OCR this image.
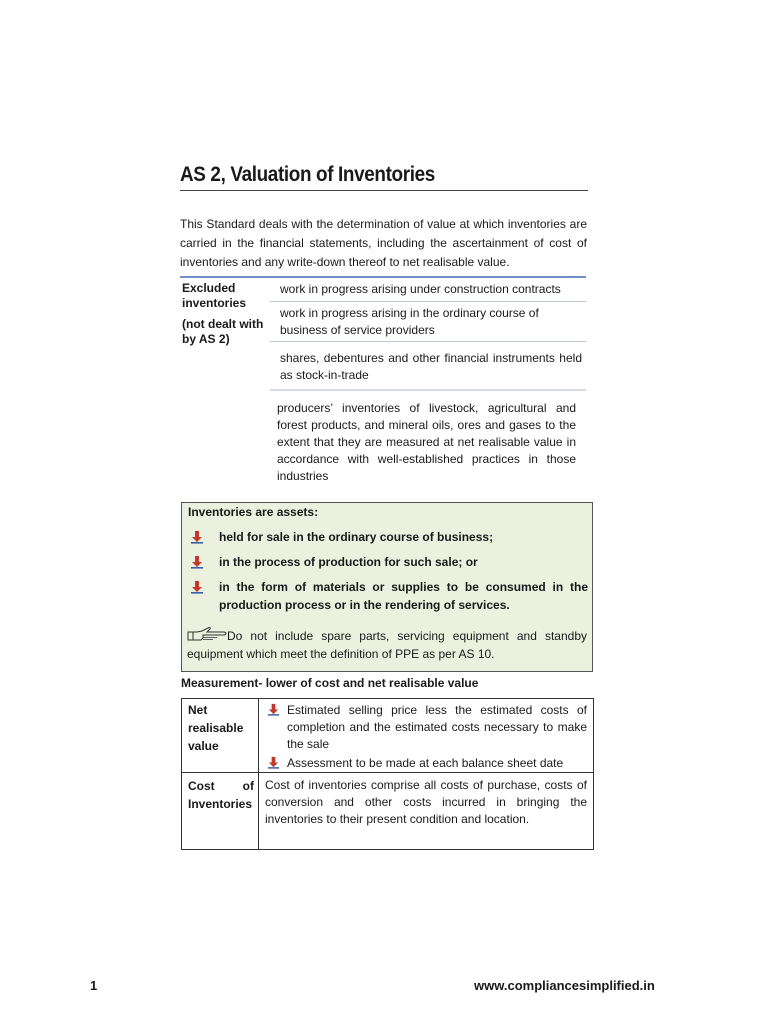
AS 2, Valuation of Inventories
This Standard deals with the determination of value at which inventories are carried in the financial statements, including the ascertainment of cost of inventories and any write-down thereof to net realisable value.
Excluded inventories
(not dealt with by AS 2)
work in progress arising under construction contracts
work in progress arising in the ordinary course of business of service providers
shares, debentures and other financial instruments held as stock-in-trade
producers’ inventories of livestock, agricultural and forest products, and mineral oils, ores and gases to the extent that they are measured at net realisable value in accordance with well-established practices in those industries
Inventories are assets:
held for sale in the ordinary course of business;
in the process of production for such sale; or
in the form of materials or supplies to be consumed in the production process or in the rendering of services.
Do not include spare parts, servicing equipment and standby equipment which meet the definition of PPE as per AS 10.
Measurement- lower of cost and net realisable value
Net realisable value
Estimated selling price less the estimated costs of completion and the estimated costs necessary to make the sale
Assessment to be made at each balance sheet date
Cost of Inventories
Cost of inventories comprise all costs of purchase, costs of conversion and other costs incurred in bringing the inventories to their present condition and location.
1	www.compliancesimplified.in
